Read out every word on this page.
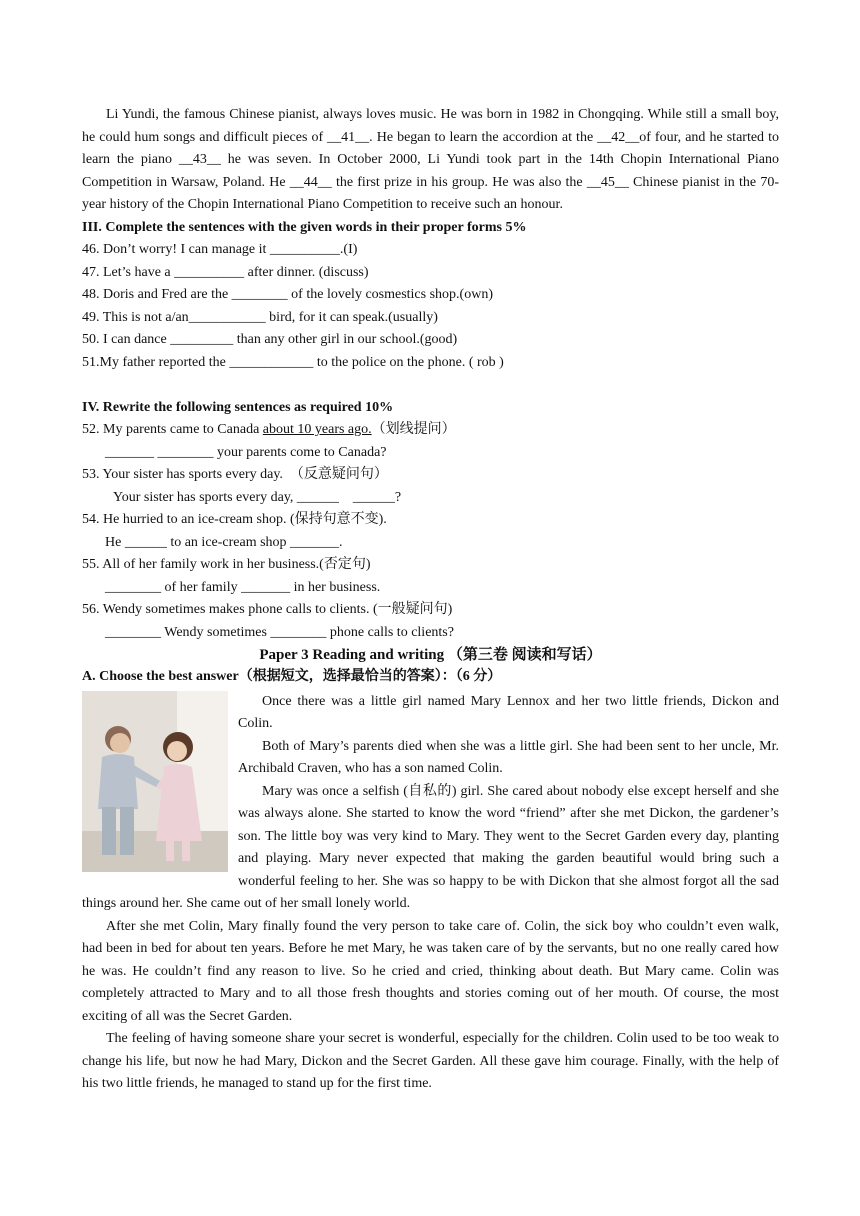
Li Yundi, the famous Chinese pianist, always loves music. He was born in 1982 in Chongqing. While still a small boy, he could hum songs and difficult pieces of __41__. He began to learn the accordion at the __42__of four, and he started to learn the piano __43__ he was seven. In October 2000, Li Yundi took part in the 14th Chopin International Piano Competition in Warsaw, Poland. He __44__ the first prize in his group. He was also the __45__ Chinese pianist in the 70-year history of the Chopin International Piano Competition to receive such an honour.

III. Complete the sentences with the given words in their proper forms 5%

46. Don’t worry! I can manage it __________.(I)

47. Let’s have a __________ after dinner. (discuss)

48. Doris and Fred are the ________ of the lovely cosmestics shop.(own)

49. This is not a/an___________ bird, for it can speak.(usually)

50. I can dance _________ than any other girl in our school.(good)

51.My father reported the ____________ to the police on the phone. ( rob )

IV. Rewrite the following sentences as required 10%

52. My parents came to Canada about 10 years ago.（划线提问）

_______ ________ your parents come to Canada?

53. Your sister has sports every day.  （反意疑问句）

Your sister has sports every day, ______    ______?

54. He hurried to an ice-cream shop. (保持句意不变).

He ______ to an ice-cream shop _______.

55. All of her family work in her business.(否定句)

________ of her family _______ in her business.

56. Wendy sometimes makes phone calls to clients. (一般疑问句)

________ Wendy sometimes ________ phone calls to clients?

Paper 3 Reading and writing （第三卷 阅读和写话）

A. Choose the best answer（根据短文，选择最恰当的答案）：（6 分）

Once there was a little girl named Mary Lennox and her two little friends, Dickon and Colin.

Both of Mary’s parents died when she was a little girl. She had been sent to her uncle, Mr. Archibald Craven, who has a son named Colin.

Mary was once a selfish (自私的) girl. She cared about nobody else except herself and she was always alone. She started to know the word “friend” after she met Dickon, the gardener’s son. The little boy was very kind to Mary. They went to the Secret Garden every day, planting and playing. Mary never expected that making the garden beautiful would bring such a wonderful feeling to her. She was so happy to be with Dickon that she almost forgot all the sad things around her. She came out of her small lonely world.

After she met Colin, Mary finally found the very person to take care of. Colin, the sick boy who couldn’t even walk, had been in bed for about ten years. Before he met Mary, he was taken care of by the servants, but no one really cared how he was. He couldn’t find any reason to live. So he cried and cried, thinking about death. But Mary came. Colin was completely attracted to Mary and to all those fresh thoughts and stories coming out of her mouth. Of course, the most exciting of all was the Secret Garden.

The feeling of having someone share your secret is wonderful, especially for the children. Colin used to be too weak to change his life, but now he had Mary, Dickon and the Secret Garden. All these gave him courage. Finally, with the help of his two little friends, he managed to stand up for the first time.
